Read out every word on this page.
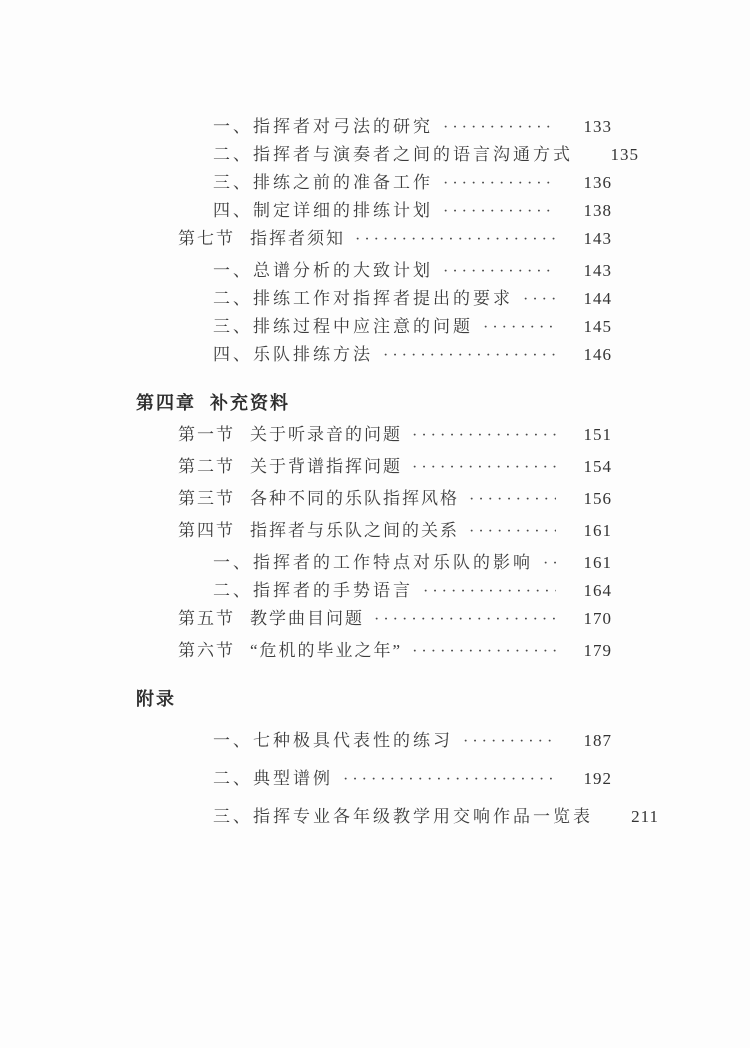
一、 指挥者对弓法的研究 ·····	133
二、 指挥者与演奏者之间的语言沟通方式	135
三、 排练之前的准备工作 ·····	136
四、 制定详细的排练计划 ·····	138
第七节 指挥者须知 ·····	143
一、 总谱分析的大致计划 ·····	143
二、 排练工作对指挥者提出的要求 ·····	144
三、 排练过程中应注意的问题 ·····	145
四、 乐队排练方法 ·····	146
第四章 补充资料
第一节 关于听录音的问题 ·····	151
第二节 关于背谱指挥问题 ·····	154
第三节 各种不同的乐队指挥风格 ·····	156
第四节 指挥者与乐队之间的关系 ·····	161
一、 指挥者的工作特点对乐队的影响 ·····	161
二、 指挥者的手势语言 ·····	164
第五节 教学曲目问题 ·····	170
第六节 “危机的毕业之年” ·····	179
附录
一、 七种极具代表性的练习 ·····	187
二、 典型谱例 ·····	192
三、 指挥专业各年级教学用交响作品一览表	211
